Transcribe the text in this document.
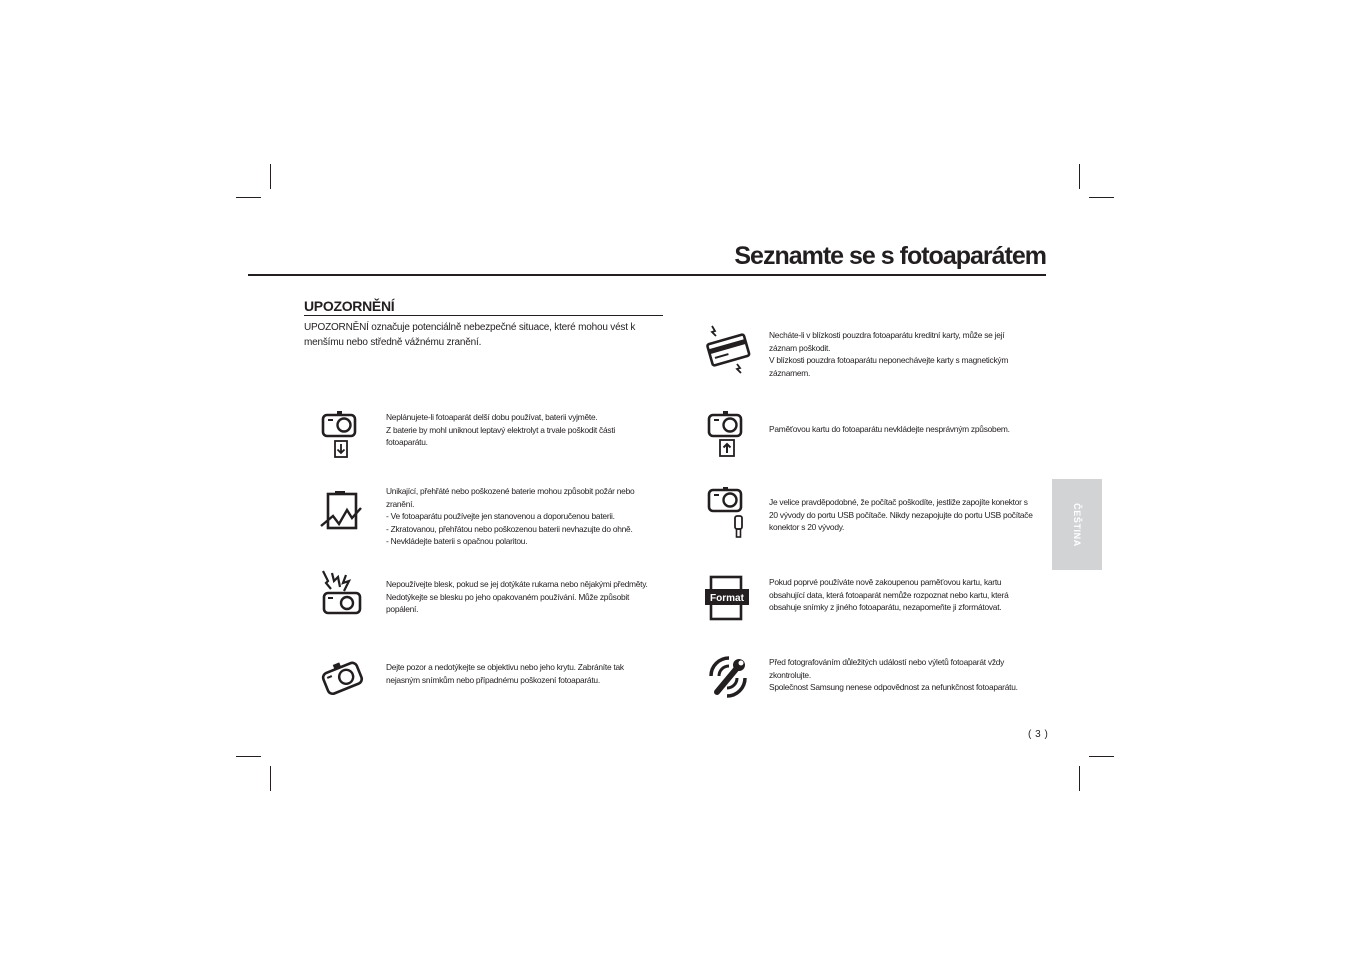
Seznamte se s fotoaparátem
UPOZORNĚNÍ
UPOZORNĚNÍ označuje potenciálně nebezpečné situace, které mohou vést k menšímu nebo středně vážnému zranění.

Neplánujete-li fotoaparát delší dobu používat, baterii vyjměte.
Z baterie by mohl uniknout leptavý elektrolyt a trvale poškodit části
fotoaparátu.

Unikající, přehřáté nebo poškozené baterie mohou způsobit požár nebo
zranění.
- Ve fotoaparátu používejte jen stanovenou a doporučenou baterii.
- Zkratovanou, přehřátou nebo poškozenou baterii nevhazujte do ohně.
- Nevkládejte baterii s opačnou polaritou.

Nepoužívejte blesk, pokud se jej dotýkáte rukama nebo nějakými předměty.
Nedotýkejte se blesku po jeho opakovaném používání. Může způsobit
popálení.

Dejte pozor a nedotýkejte se objektivu nebo jeho krytu. Zabráníte tak
nejasným snímkům nebo případnému poškození fotoaparátu.

Necháte-li v blízkosti pouzdra fotoaparátu kreditní karty, může se její
záznam poškodit.
V blízkosti pouzdra fotoaparátu neponechávejte karty s magnetickým
záznamem.

Paměťovou kartu do fotoaparátu nevkládejte nesprávným způsobem.

Je velice pravděpodobné, že počítač poškodíte, jestliže zapojíte konektor s
20 vývody do portu USB počítače. Nikdy nezapojujte do portu USB počítače
konektor s 20 vývody.

Format

Pokud poprvé používáte nově zakoupenou paměťovou kartu, kartu
obsahující data, která fotoaparát nemůže rozpoznat nebo kartu, která
obsahuje snímky z jiného fotoaparátu, nezapomeňte ji zformátovat.

Před fotografováním důležitých událostí nebo výletů fotoaparát vždy
zkontrolujte.
Společnost Samsung nenese odpovědnost za nefunkčnost fotoaparátu.

ČEŠTINA
( 3 )
